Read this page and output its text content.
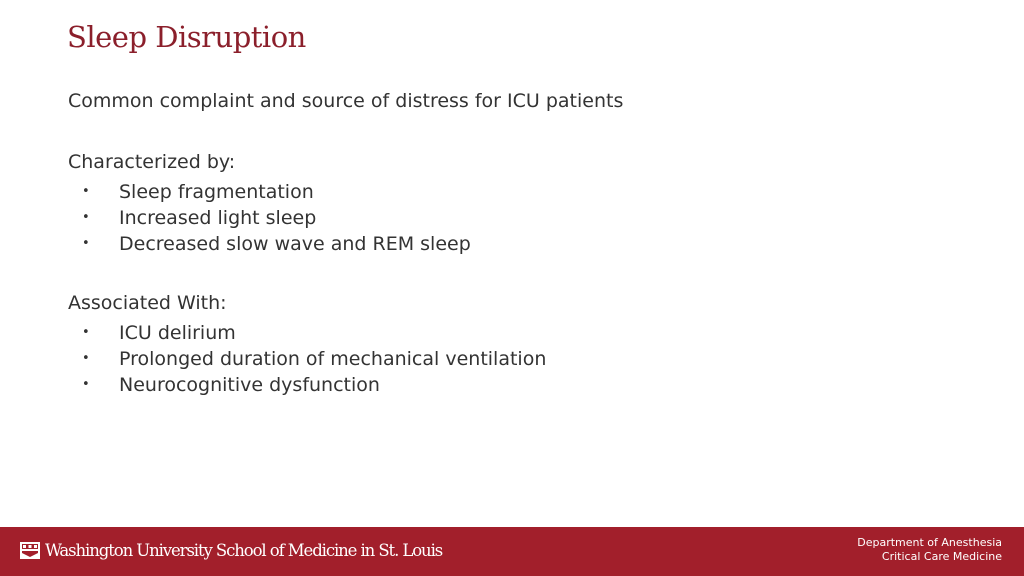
Sleep Disruption
Common complaint and source of distress for ICU patients
Characterized by:
• Sleep fragmentation
• Increased light sleep
• Decreased slow wave and REM sleep
Associated With:
• ICU delirium
• Prolonged duration of mechanical ventilation
• Neurocognitive dysfunction
Washington University School of Medicine in St. Louis	Department of Anesthesia
Critical Care Medicine
